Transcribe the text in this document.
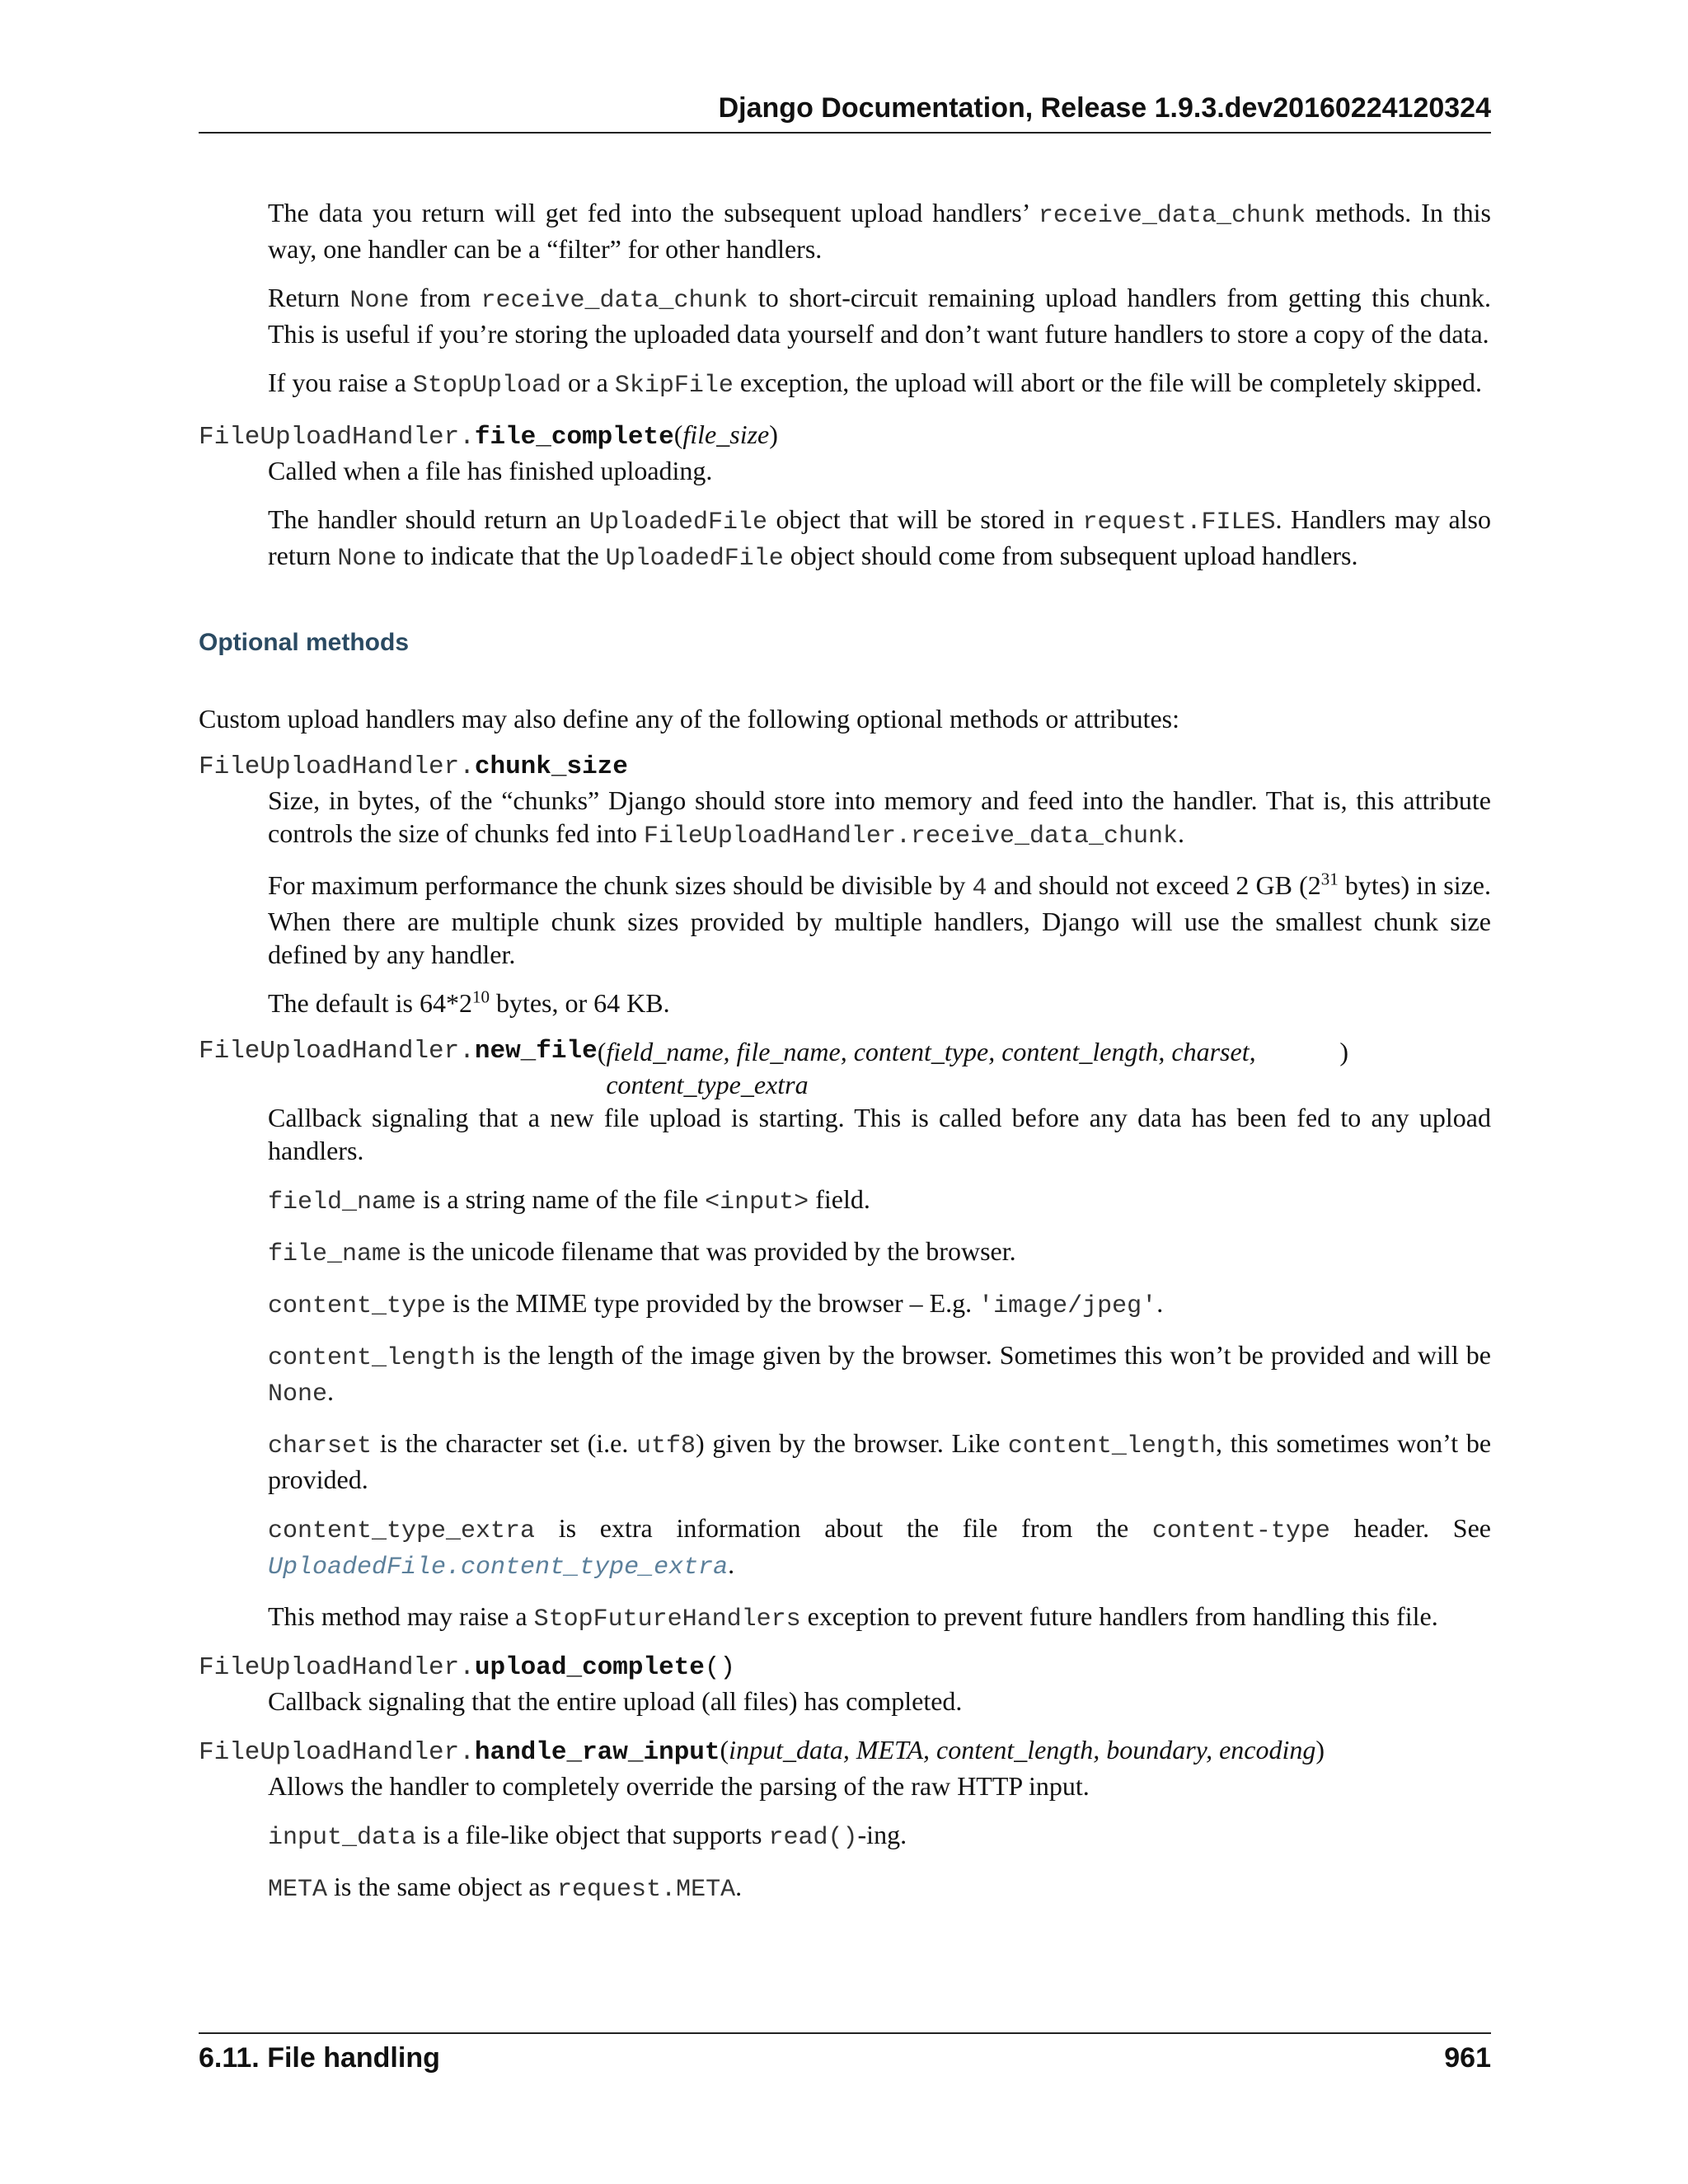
Django Documentation, Release 1.9.3.dev20160224120324

The data you return will get fed into the subsequent upload handlers’ receive_data_chunk methods. In this way, one handler can be a “filter” for other handlers.

Return None from receive_data_chunk to short-circuit remaining upload handlers from getting this chunk. This is useful if you’re storing the uploaded data yourself and don’t want future handlers to store a copy of the data.

If you raise a StopUpload or a SkipFile exception, the upload will abort or the file will be completely skipped.

FileUploadHandler.file_complete(file_size)

Called when a file has finished uploading.

The handler should return an UploadedFile object that will be stored in request.FILES. Handlers may also return None to indicate that the UploadedFile object should come from subsequent upload handlers.

Optional methods

Custom upload handlers may also define any of the following optional methods or attributes:

FileUploadHandler.chunk_size

Size, in bytes, of the “chunks” Django should store into memory and feed into the handler. That is, this attribute controls the size of chunks fed into FileUploadHandler.receive_data_chunk.

For maximum performance the chunk sizes should be divisible by 4 and should not exceed 2 GB ($2^{31}$ bytes) in size. When there are multiple chunk sizes provided by multiple handlers, Django will use the smallest chunk size defined by any handler.

The default is $64*2^{10}$ bytes, or 64 KB.

FileUploadHandler. new_file ( field_name, file_name, content_type, content_length, charset, content_type_extra
)

Callback signaling that a new file upload is starting. This is called before any data has been fed to any upload handlers.

field_name is a string name of the file <input> field.

file_name is the unicode filename that was provided by the browser.

content_type is the MIME type provided by the browser – E.g. 'image/jpeg'.

content_length is the length of the image given by the browser. Sometimes this won’t be provided and will be None.

charset is the character set (i.e. utf8) given by the browser. Like content_length, this sometimes won’t be provided.

content_type_extra is extra information about the file from the content-type header. See UploadedFile.content_type_extra.

This method may raise a StopFutureHandlers exception to prevent future handlers from handling this file.

FileUploadHandler.upload_complete()

Callback signaling that the entire upload (all files) has completed.

FileUploadHandler.handle_raw_input(input_data, META, content_length, boundary, encoding)

Allows the handler to completely override the parsing of the raw HTTP input.

input_data is a file-like object that supports read()-ing.

META is the same object as request.META.

6.11. File handling	961
